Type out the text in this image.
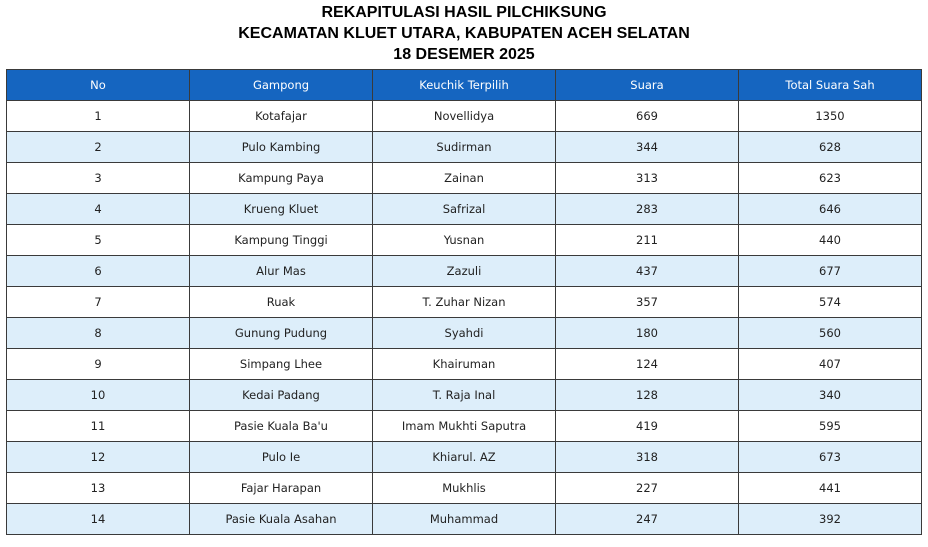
REKAPITULASI HASIL PILCHIKSUNG
KECAMATAN KLUET UTARA, KABUPATEN ACEH SELATAN
18 DESEMER 2025
No	Gampong	Keuchik Terpilih	Suara	Total Suara Sah
1	Kotafajar	Novellidya	669	1350
2	Pulo Kambing	Sudirman	344	628
3	Kampung Paya	Zainan	313	623
4	Krueng Kluet	Safrizal	283	646
5	Kampung Tinggi	Yusnan	211	440
6	Alur Mas	Zazuli	437	677
7	Ruak	T. Zuhar Nizan	357	574
8	Gunung Pudung	Syahdi	180	560
9	Simpang Lhee	Khairuman	124	407
10	Kedai Padang	T. Raja Inal	128	340
11	Pasie Kuala Ba'u	Imam Mukhti Saputra	419	595
12	Pulo Ie	Khiarul. AZ	318	673
13	Fajar Harapan	Mukhlis	227	441
14	Pasie Kuala Asahan	Muhammad	247	392
